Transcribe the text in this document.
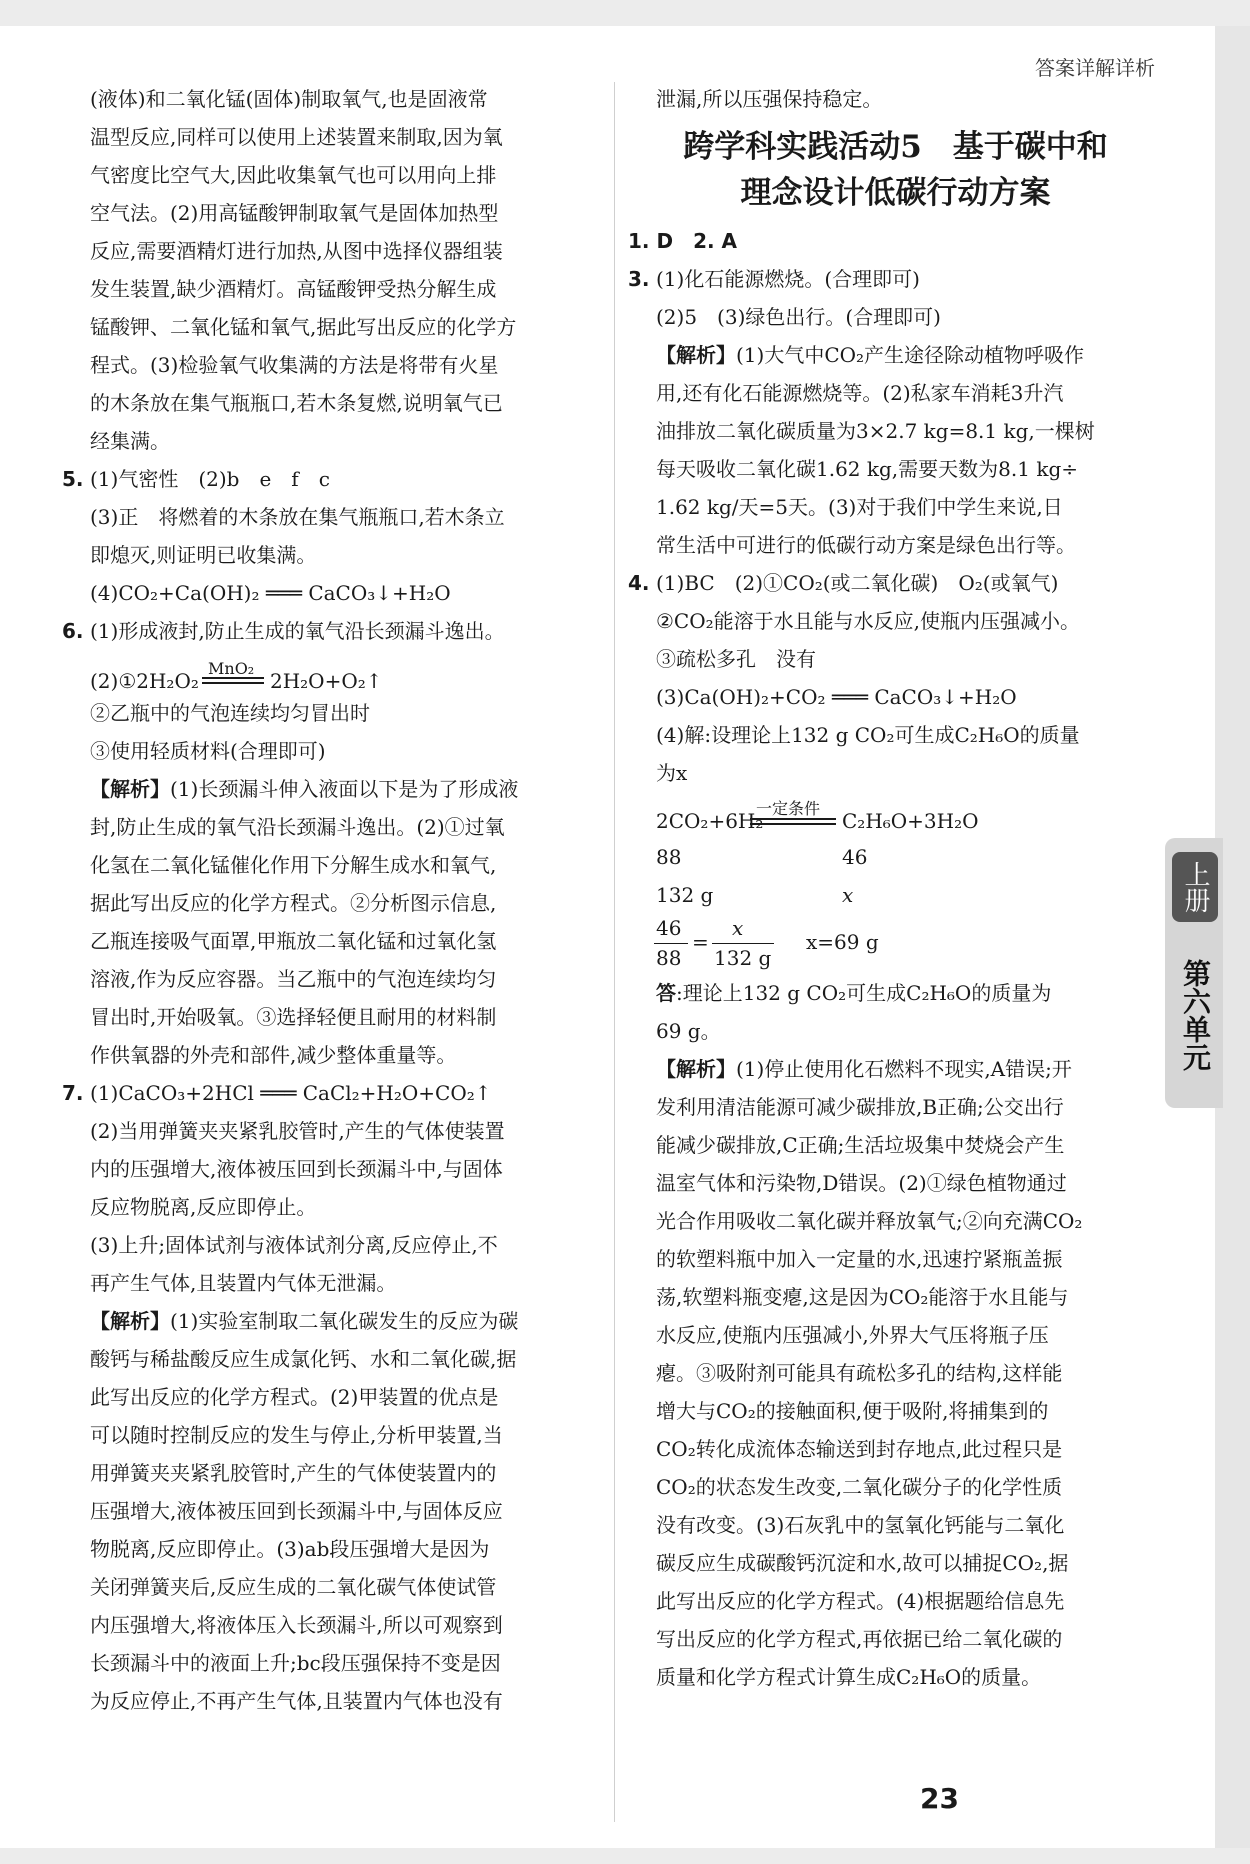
答案详解详析
上册
第六单元

(液体)和二氧化锰(固体)制取氧气,也是固液常

温型反应,同样可以使用上述装置来制取,因为氧

气密度比空气大,因此收集氧气也可以用向上排

空气法。(2)用高锰酸钾制取氧气是固体加热型

反应,需要酒精灯进行加热,从图中选择仪器组装

发生装置,缺少酒精灯。高锰酸钾受热分解生成

锰酸钾、二氧化锰和氧气,据此写出反应的化学方

程式。(3)检验氧气收集满的方法是将带有火星

的木条放在集气瓶瓶口,若木条复燃,说明氧气已

经集满。

5. (1)气密性　(2)b　e　f　c

(3)正　将燃着的木条放在集气瓶瓶口,若木条立

即熄灭,则证明已收集满。

(4)CO₂+Ca(OH)₂ ═══ CaCO₃↓+H₂O

6. (1)形成液封,防止生成的氧气沿长颈漏斗逸出。

(2)①2H₂O₂
MnO₂
2H₂O+O₂↑

②乙瓶中的气泡连续均匀冒出时

③使用轻质材料(合理即可)

【解析】(1)长颈漏斗伸入液面以下是为了形成液

封,防止生成的氧气沿长颈漏斗逸出。(2)①过氧

化氢在二氧化锰催化作用下分解生成水和氧气,

据此写出反应的化学方程式。②分析图示信息,

乙瓶连接吸气面罩,甲瓶放二氧化锰和过氧化氢

溶液,作为反应容器。当乙瓶中的气泡连续均匀

冒出时,开始吸氧。③选择轻便且耐用的材料制

作供氧器的外壳和部件,减少整体重量等。

7. (1)CaCO₃+2HCl ═══ CaCl₂+H₂O+CO₂↑

(2)当用弹簧夹夹紧乳胶管时,产生的气体使装置

内的压强增大,液体被压回到长颈漏斗中,与固体

反应物脱离,反应即停止。

(3)上升;固体试剂与液体试剂分离,反应停止,不

再产生气体,且装置内气体无泄漏。

【解析】(1)实验室制取二氧化碳发生的反应为碳

酸钙与稀盐酸反应生成氯化钙、水和二氧化碳,据

此写出反应的化学方程式。(2)甲装置的优点是

可以随时控制反应的发生与停止,分析甲装置,当

用弹簧夹夹紧乳胶管时,产生的气体使装置内的

压强增大,液体被压回到长颈漏斗中,与固体反应

物脱离,反应即停止。(3)ab段压强增大是因为

关闭弹簧夹后,反应生成的二氧化碳气体使试管

内压强增大,将液体压入长颈漏斗,所以可观察到

长颈漏斗中的液面上升;bc段压强保持不变是因

为反应停止,不再产生气体,且装置内气体也没有

泄漏,所以压强保持稳定。

跨学科实践活动5　基于碳中和
理念设计低碳行动方案

1. D　2. A

3. (1)化石能源燃烧。(合理即可)

(2)5　(3)绿色出行。(合理即可)

【解析】(1)大气中CO₂产生途径除动植物呼吸作

用,还有化石能源燃烧等。(2)私家车消耗3升汽

油排放二氧化碳质量为3×2.7 kg=8.1 kg,一棵树

每天吸收二氧化碳1.62 kg,需要天数为8.1 kg÷

1.62 kg/天=5天。(3)对于我们中学生来说,日

常生活中可进行的低碳行动方案是绿色出行等。

4. (1)BC　(2)①CO₂(或二氧化碳)　O₂(或氧气)

②CO₂能溶于水且能与水反应,使瓶内压强减小。

③疏松多孔　没有

(3)Ca(OH)₂+CO₂ ═══ CaCO₃↓+H₂O

(4)解:设理论上132 g CO₂可生成C₂H₆O的质量

为x

2CO₂+6H₂
一定条件
C₂H₆O+3H₂O
88	46
132 g	x
46
88
=
x
132 g
x=69 g

答:理论上132 g CO₂可生成C₂H₆O的质量为

69 g。

【解析】(1)停止使用化石燃料不现实,A错误;开

发利用清洁能源可减少碳排放,B正确;公交出行

能减少碳排放,C正确;生活垃圾集中焚烧会产生

温室气体和污染物,D错误。(2)①绿色植物通过

光合作用吸收二氧化碳并释放氧气;②向充满CO₂

的软塑料瓶中加入一定量的水,迅速拧紧瓶盖振

荡,软塑料瓶变瘪,这是因为CO₂能溶于水且能与

水反应,使瓶内压强减小,外界大气压将瓶子压

瘪。③吸附剂可能具有疏松多孔的结构,这样能

增大与CO₂的接触面积,便于吸附,将捕集到的

CO₂转化成流体态输送到封存地点,此过程只是

CO₂的状态发生改变,二氧化碳分子的化学性质

没有改变。(3)石灰乳中的氢氧化钙能与二氧化

碳反应生成碳酸钙沉淀和水,故可以捕捉CO₂,据

此写出反应的化学方程式。(4)根据题给信息先

写出反应的化学方程式,再依据已给二氧化碳的

质量和化学方程式计算生成C₂H₆O的质量。

23
